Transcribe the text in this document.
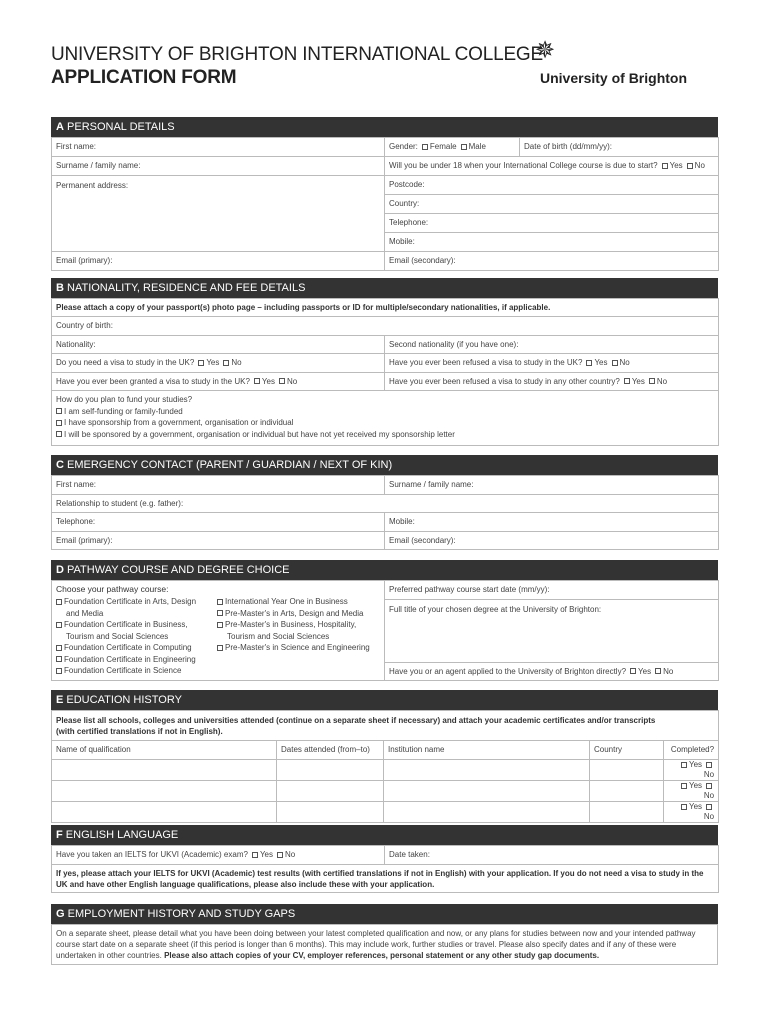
UNIVERSITY OF BRIGHTON INTERNATIONAL COLLEGE
APPLICATION FORM
✵
University of Brighton
A PERSONAL DETAILS
First name:	Gender: Female Male	Date of birth (dd/mm/yy):
Surname / family name:	Will you be under 18 when your International College course is due to start? Yes No	
Permanent address:	Postcode:	
	Country:	
	Telephone:	
	Mobile:	
Email (primary):	Email (secondary):	
B NATIONALITY, RESIDENCE AND FEE DETAILS
Please attach a copy of your passport(s) photo page – including passports or ID for multiple/secondary nationalities, if applicable.	
Country of birth:	
Nationality:	Second nationality (if you have one):
Do you need a visa to study in the UK? Yes No	Have you ever been refused a visa to study in the UK? Yes No
Have you ever been granted a visa to study in the UK? Yes No	Have you ever been refused a visa to study in any other country? Yes No

How do you plan to fund your studies?
I am self-funding or family-funded
I have sponsorship from a government, organisation or individual
I will be sponsored by a government, organisation or individual but have not yet received my sponsorship letter	
C EMERGENCY CONTACT (PARENT / GUARDIAN / NEXT OF KIN)
First name:	Surname / family name:
Relationship to student (e.g. father):	
Telephone:	Mobile:
Email (primary):	Email (secondary):
D PATHWAY COURSE AND DEGREE CHOICE
Choose your pathway course:
Foundation Certificate in Arts, Design
and Media
Foundation Certificate in Business,
Tourism and Social Sciences
Foundation Certificate in Computing
Foundation Certificate in Engineering
Foundation Certificate in Science
International Year One in Business
Pre-Master's in Arts, Design and Media
Pre-Master's in Business, Hospitality,
Tourism and Social Sciences
Pre-Master's in Science and Engineering
	Preferred pathway course start date (mm/yy):
Full title of your chosen degree at the University of Brighton:
Have you or an agent applied to the University of Brighton directly? Yes No
E EDUCATION HISTORY
Please list all schools, colleges and universities attended (continue on a separate sheet if necessary) and attach your academic certificates and/or transcripts
(with certified translations if not in English).				

Name of qualification	Dates attended (from–to)	Institution name	Country	Completed?
				YesNo
				YesNo
				YesNo
F ENGLISH LANGUAGE
Have you taken an IELTS for UKVI (Academic) exam? Yes No	Date taken:

If yes, please attach your IELTS for UKVI (Academic) test results (with certified translations if not in English) with your application. If you do not need a visa to study in the
UK and have other English language qualifications, please also include these with your application.
G EMPLOYMENT HISTORY AND STUDY GAPS
On a separate sheet, please detail what you have been doing between your latest completed qualification and now, or any plans for studies between now and your intended pathway
course start date on a separate sheet (if this period is longer than 6 months). This may include work, further studies or travel. Please also specify dates and if any of these were
undertaken in other countries. Please also attach copies of your CV, employer references, personal statement or any other study gap documents.
